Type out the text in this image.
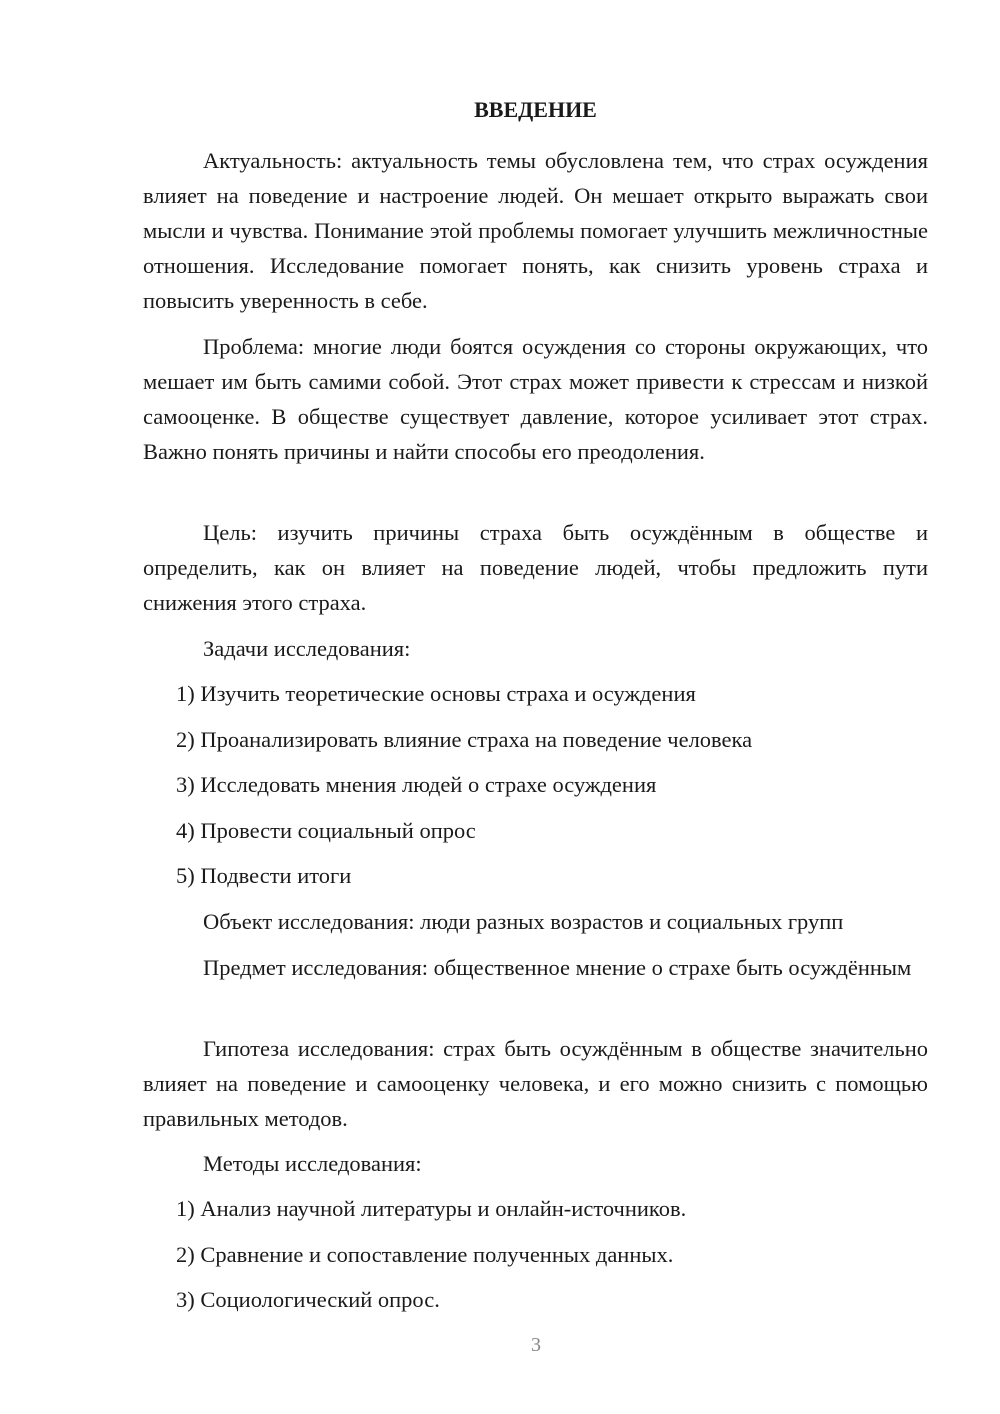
ВВЕДЕНИЕ

Актуальность: актуальность темы обусловлена тем, что страх осуждения влияет на поведение и настроение людей. Он мешает открыто выражать свои мысли и чувства. Понимание этой проблемы помогает улучшить межличностные отношения. Исследование помогает понять, как снизить уровень страха и повысить уверенность в себе.

Проблема: многие люди боятся осуждения со стороны окружающих, что мешает им быть самими собой. Этот страх может привести к стрессам и низкой самооценке. В обществе существует давление, которое усиливает этот страх. Важно понять причины и найти способы его преодоления.

Цель: изучить причины страха быть осуждённым в обществе и определить, как он влияет на поведение людей, чтобы предложить пути снижения этого страха.

Задачи исследования:

1) Изучить теоретические основы страха и осуждения

2) Проанализировать влияние страха на поведение человека

3) Исследовать мнения людей о страхе осуждения

4) Провести социальный опрос

5) Подвести итоги

Объект исследования: люди разных возрастов и социальных групп

Предмет исследования: общественное мнение о страхе быть осуждённым

Гипотеза исследования: страх быть осуждённым в обществе значительно влияет на поведение и самооценку человека, и его можно снизить с помощью правильных методов.

Методы исследования:

1) Анализ научной литературы и онлайн-источников.

2) Сравнение и сопоставление полученных данных.

3) Социологический опрос.

3
